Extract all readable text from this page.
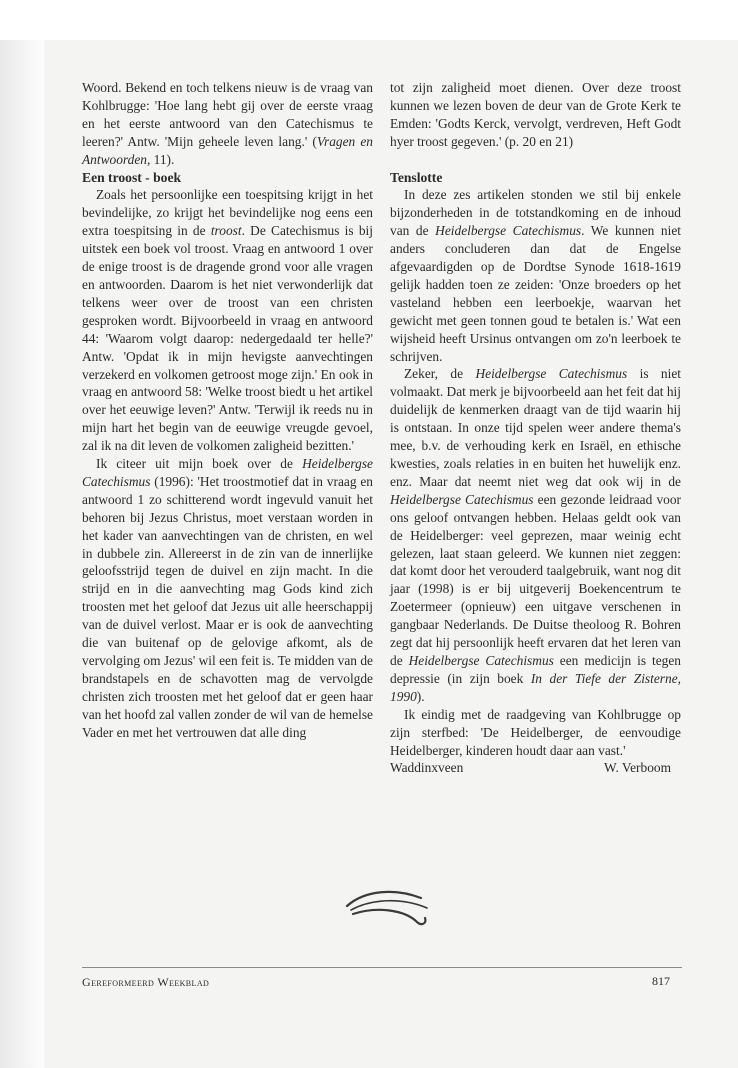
Woord. Bekend en toch telkens nieuw is de vraag van Kohlbrugge: 'Hoe lang hebt gij over de eerste vraag en het eerste antwoord van den Catechismus te leeren?' Antw. 'Mijn geheele leven lang.' (Vragen en Antwoorden, 11).

Een troost - boek

Zoals het persoonlijke een toespitsing krijgt in het bevindelijke, zo krijgt het bevindelijke nog eens een extra toespitsing in de troost. De Catechismus is bij uitstek een boek vol troost. Vraag en antwoord 1 over de enige troost is de dragende grond voor alle vragen en antwoorden. Daarom is het niet verwonderlijk dat telkens weer over de troost van een christen gesproken wordt. Bijvoorbeeld in vraag en antwoord 44: 'Waarom volgt daarop: nedergedaald ter helle?' Antw. 'Opdat ik in mijn hevigste aanvechtingen verzekerd en volkomen getroost moge zijn.' En ook in vraag en antwoord 58: 'Welke troost biedt u het artikel over het eeuwige leven?' Antw. 'Terwijl ik reeds nu in mijn hart het begin van de eeuwige vreugde gevoel, zal ik na dit leven de volkomen zaligheid bezitten.'

Ik citeer uit mijn boek over de Heidelbergse Catechismus (1996): 'Het troostmotief dat in vraag en antwoord 1 zo schitterend wordt ingevuld vanuit het behoren bij Jezus Christus, moet verstaan worden in het kader van aanvechtingen van de christen, en wel in dubbele zin. Allereerst in de zin van de innerlijke geloofsstrijd tegen de duivel en zijn macht. In die strijd en in die aanvechting mag Gods kind zich troosten met het geloof dat Jezus uit alle heerschappij van de duivel verlost. Maar er is ook de aanvechting die van buitenaf op de gelovige afkomt, als de vervolging om Jezus' wil een feit is. Te midden van de brandstapels en de schavotten mag de vervolgde christen zich troosten met het geloof dat er geen haar van het hoofd zal vallen zonder de wil van de hemelse Vader en met het vertrouwen dat alle ding

tot zijn zaligheid moet dienen. Over deze troost kunnen we lezen boven de deur van de Grote Kerk te Emden: 'Godts Kerck, vervolgt, verdreven, Heft Godt hyer troost gegeven.' (p. 20 en 21)

Tenslotte

In deze zes artikelen stonden we stil bij enkele bijzonderheden in de totstandkoming en de inhoud van de Heidelbergse Catechismus. We kunnen niet anders concluderen dan dat de Engelse afgevaardigden op de Dordtse Synode 1618-1619 gelijk hadden toen ze zeiden: 'Onze broeders op het vasteland hebben een leerboekje, waarvan het gewicht met geen tonnen goud te betalen is.' Wat een wijsheid heeft Ursinus ontvangen om zo'n leerboek te schrijven.

Zeker, de Heidelbergse Catechismus is niet volmaakt. Dat merk je bijvoorbeeld aan het feit dat hij duidelijk de kenmerken draagt van de tijd waarin hij is ontstaan. In onze tijd spelen weer andere thema's mee, b.v. de verhouding kerk en Israël, en ethische kwesties, zoals relaties in en buiten het huwelijk enz. enz. Maar dat neemt niet weg dat ook wij in de Heidelbergse Catechismus een gezonde leidraad voor ons geloof ontvangen hebben. Helaas geldt ook van de Heidelberger: veel geprezen, maar weinig echt gelezen, laat staan geleerd. We kunnen niet zeggen: dat komt door het verouderd taalgebruik, want nog dit jaar (1998) is er bij uitgeverij Boekencentrum te Zoetermeer (opnieuw) een uitgave verschenen in gangbaar Nederlands. De Duitse theoloog R. Bohren zegt dat hij persoonlijk heeft ervaren dat het leren van de Heidelbergse Catechismus een medicijn is tegen depressie (in zijn boek In der Tiefe der Zisterne, 1990).

Ik eindig met de raadgeving van Kohlbrugge op zijn sterfbed: 'De Heidelberger, de eenvoudige Heidelberger, kinderen houdt daar aan vast.'

Waddinxveen	W. Verboom
Gereformeerd Weekblad	817
